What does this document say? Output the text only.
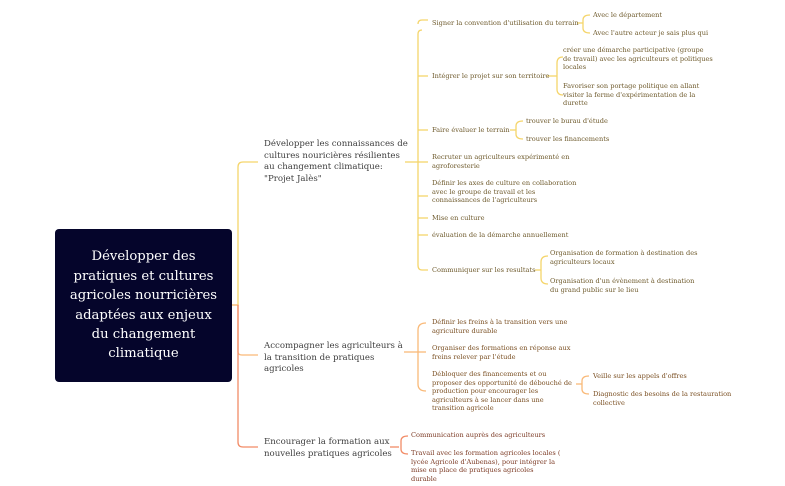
Développer des pratiques et cultures agricoles nourricières adaptées aux enjeux du changement climatique
Développer les connaissances de cultures nouricières résilientes au changement climatique: "Projet Jalès"
Signer la convention d'utilisation du terrain
Avec le département
Avec l'autre acteur je sais plus qui
Intégrer le projet sur son territoire
créer une démarche participative (groupe de travail) avec les agriculteurs et politiques locales
Favoriser son portage politique en allant visiter la ferme d'expérimentation de la durette
Faire évaluer le terrain
trouver le burau d'étude
trouver les financements
Recruter un agriculteurs expérimenté en agroforesterie
Définir les axes de culture en collaboration avec le groupe de travail et les connaissances de l'agriculteurs
Mise en culture
évaluation de la démarche annuellement
Communiquer sur les resultats
Organisation de formation à destination des agriculteurs locaux
Organisation d'un évènement à destination du grand public sur le lieu
Accompagner les agriculteurs à la transition de pratiques agricoles
Définir les freins à la transition vers une agriculture durable
Organiser des formations en réponse aux freins relever par l'étude
Débloquer des financements et ou proposer des opportunité de débouché de production pour encourager les agriculteurs à se lancer dans une transition agricole
Veille sur les appels d'offres
Diagnostic des besoins de la restauration collective
Encourager la formation aux nouvelles pratiques agricoles
Communication auprès des agriculteurs
Travail avec les formation agricoles locales ( lycée Agricole d'Aubenas), pour intégrer la mise en place de pratiques agricoles durable
